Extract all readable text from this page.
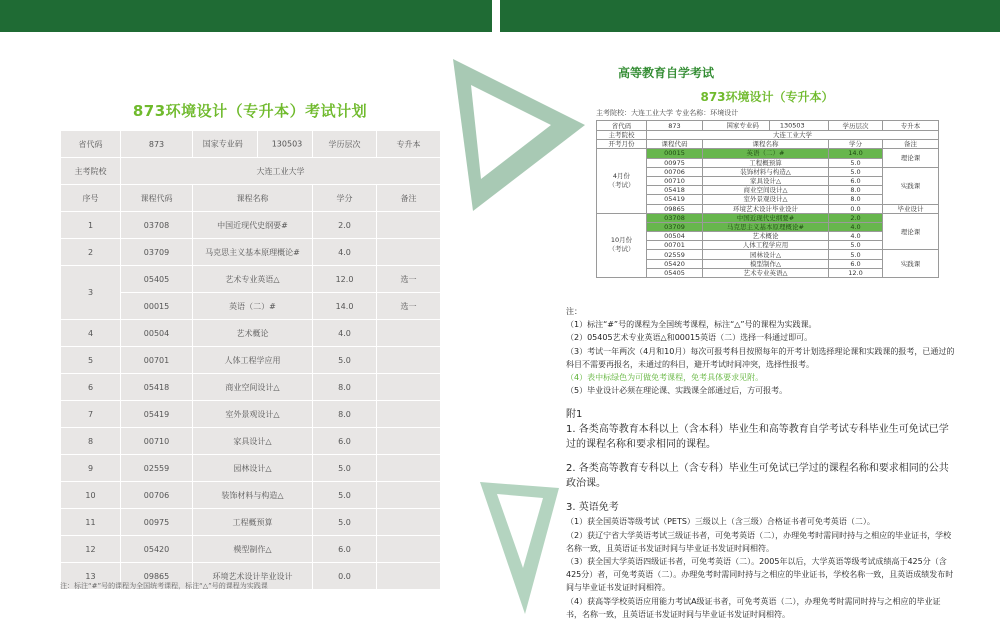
873环境设计（专升本）考试计划
省代码	873	国家专业码 130503	学历层次	专升本
主考院校	大连工业大学			
序号	课程代码	课程名称	学分	备注
1	03708	中国近现代史纲要#	2.0	
2	03709	马克思主义基本原理概论#	4.0	
3	05405	艺术专业英语△	12.0	选一
	00015	英语（二）#	14.0	选一
4	00504	艺术概论	4.0	
5	00701	人体工程学应用	5.0	
6	05418	商业空间设计△	8.0	
7	05419	室外景观设计△	8.0	
8	00710	家具设计△	6.0	
9	02559	园林设计△	5.0	
10	00706	装饰材料与构造△	5.0	
11	00975	工程概预算	5.0	
12	05420	模型制作△	6.0	
13	09865	环境艺术设计毕业设计	0.0	
注：标注“#”号的课程为全国统考课程，标注“△”号的课程为实践课
高等教育自学考试
873环境设计（专升本）
主考院校：大连工业大学 专业名称：环境设计
省代码	873	国家专业码 130503	学历层次	专升本
主考院校	大连工业大学			
开考月份	课程代码	课程名称	学分	备注
4月份
（考试）	00015	英语（二）#	14.0	理论课
	00975	工程概预算	5.0	
	00706	装饰材料与构造△	5.0	实践课
	00710	家具设计△	6.0	
	05418	商业空间设计△	8.0	
	05419	室外景观设计△	8.0	
	09865	环境艺术设计毕业设计	0.0	毕业设计
10月份
（考试）	03708	中国近现代史纲要#	2.0	理论课
	03709	马克思主义基本原理概论#	4.0	
	00504	艺术概论	4.0	
	00701	人体工程学应用	5.0	
	02559	园林设计△	5.0	实践课
	05420	模型制作△	6.0	
	05405	艺术专业英语△	12.0	

注：

（1）标注“#”号的课程为全国统考课程，标注“△”号的课程为实践课。

（2）05405艺术专业英语△和00015英语（二）选择一科通过即可。

（3）考试一年两次（4月和10月）每次可报考科目按照每年的开考计划选择理论课和实践课的报考，已通过的科目不需要再报名，未通过的科目，避开考试时间冲突，选择性报考。

（4）表中标绿色为可做免考课程，免考具体要求见附。

（5）毕业设计必须在理论课、实践课全部通过后，方可报考。

附1

1. 各类高等教育本科以上（含本科）毕业生和高等教育自学考试专科毕业生可免试已学过的课程名称和要求相同的课程。

2. 各类高等教育专科以上（含专科）毕业生可免试已学过的课程名称和要求相同的公共政治课。

3. 英语免考

（1）获全国英语等级考试（PETS）三级以上（含三级）合格证书者可免考英语（二）。

（2）获辽宁省大学英语考试三级证书者，可免考英语（二），办理免考时需同时持与之相应的毕业证书，学校名称一致，且英语证书发证时间与毕业证书发证时间相符。

（3）获全国大学英语四级证书者，可免考英语（二）。2005年以后，大学英语等级考试成绩高于425分（含425分）者，可免考英语（二）。办理免考时需同时持与之相应的毕业证书，学校名称一致，且英语成绩发布时间与毕业证书发证时间相符。

（4）获高等学校英语应用能力考试A级证书者，可免考英语（二），办理免考时需同时持与之相应的毕业证书，名称一致，且英语证书发证时间与毕业证书发证时间相符。
